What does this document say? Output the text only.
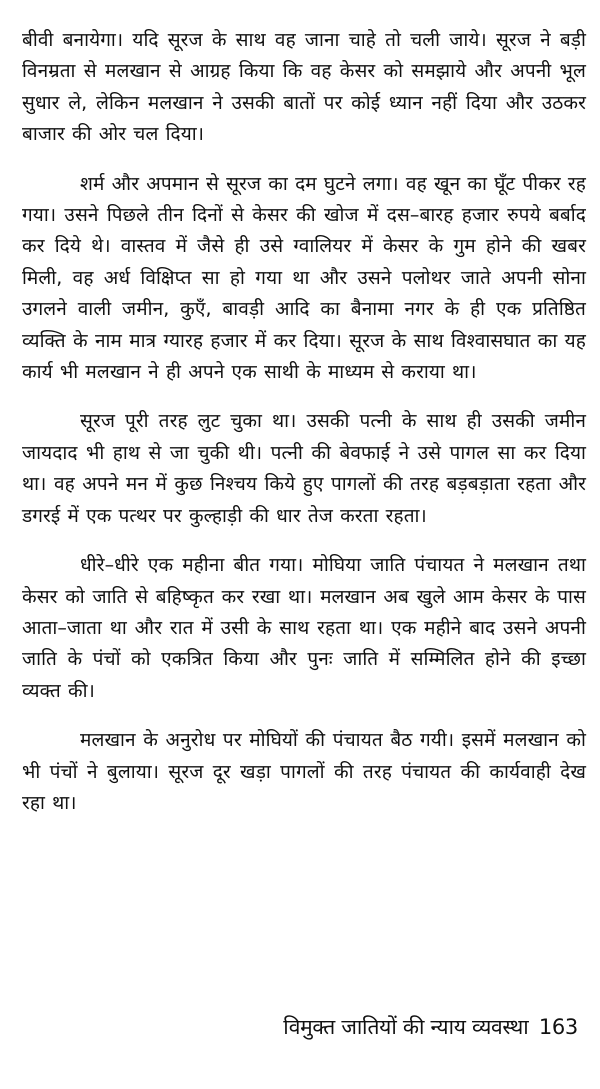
बीवी बनायेगा। यदि सूरज के साथ वह जाना चाहे तो चली जाये। सूरज ने बड़ी विनम्रता से मलखान से आग्रह किया कि वह केसर को समझाये और अपनी भूल सुधार ले, लेकिन मलखान ने उसकी बातों पर कोई ध्यान नहीं दिया और उठकर बाजार की ओर चल दिया।

शर्म और अपमान से सूरज का दम घुटने लगा। वह खून का घूँट पीकर रह गया। उसने पिछले तीन दिनों से केसर की खोज में दस–बारह हजार रुपये बर्बाद कर दिये थे। वास्तव में जैसे ही उसे ग्वालियर में केसर के गुम होने की खबर मिली, वह अर्ध विक्षिप्त सा हो गया था और उसने पलोथर जाते अपनी सोना उगलने वाली जमीन, कुएँ, बावड़ी आदि का बैनामा नगर के ही एक प्रतिष्ठित व्यक्ति के नाम मात्र ग्यारह हजार में कर दिया। सूरज के साथ विश्वासघात का यह कार्य भी मलखान ने ही अपने एक साथी के माध्यम से कराया था।

सूरज पूरी तरह लुट चुका था। उसकी पत्नी के साथ ही उसकी जमीन जायदाद भी हाथ से जा चुकी थी। पत्नी की बेवफाई ने उसे पागल सा कर दिया था। वह अपने मन में कुछ निश्चय किये हुए पागलों की तरह बड़बड़ाता रहता और डगरई में एक पत्थर पर कुल्हाड़ी की धार तेज करता रहता।

धीरे–धीरे एक महीना बीत गया। मोघिया जाति पंचायत ने मलखान तथा केसर को जाति से बहिष्कृत कर रखा था। मलखान अब खुले आम केसर के पास आता–जाता था और रात में उसी के साथ रहता था। एक महीने बाद उसने अपनी जाति के पंचों को एकत्रित किया और पुनः जाति में सम्मिलित होने की इच्छा व्यक्त की।

मलखान के अनुरोध पर मोघियों की पंचायत बैठ गयी। इसमें मलखान को भी पंचों ने बुलाया। सूरज दूर खड़ा पागलों की तरह पंचायत की कार्यवाही देख रहा था।

विमुक्त जातियों की न्याय व्यवस्था 163
